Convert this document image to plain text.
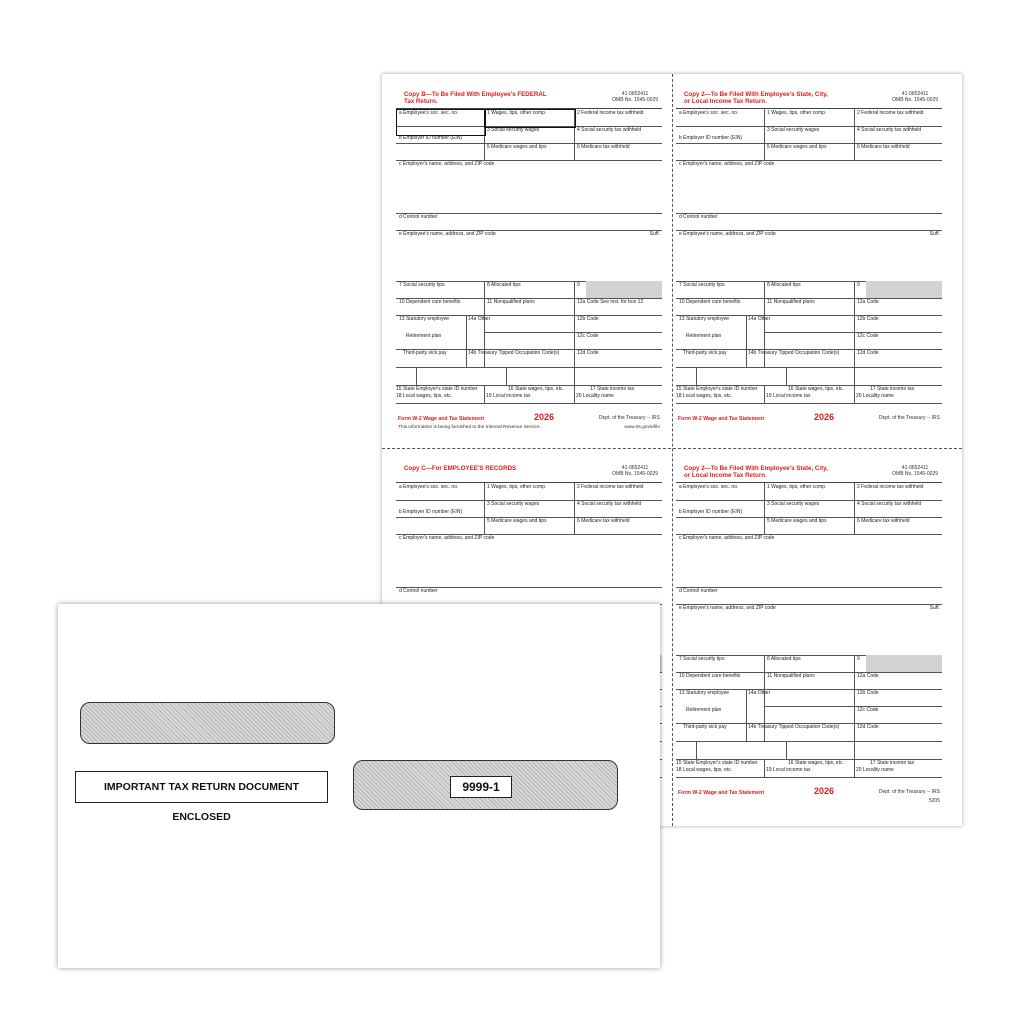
Copy B—To Be Filed With Employee's FEDERAL Tax Return.
41-0852411
OMB No. 1545-0029
a Employee's soc. sec. no.	1 Wages, tips, other comp.	2 Federal income tax withheld
3 Social security wages	4 Social security tax withheld
b Employer ID number (EIN)
5 Medicare wages and tips	6 Medicare tax withheld
c Employer's name, address, and ZIP code
d Control number
e Employee's name, address, and ZIP code	Suff.
7 Social security tips	8 Allocated tips	9
10 Dependent care benefits	11 Nonqualified plans	12a Code See inst. for box 12
13 Statutory employee	14a Other	12b Code
Retirement plan	12c Code
Third-party sick pay	14b Treasury Tipped Occupation Code(s)	12d Code
15 State Employer's state ID number	16 State wages, tips, etc.	17 State income tax
18 Local wages, tips, etc.	19 Local income tax	20 Locality name
Form W-2 Wage and Tax Statement	2026	Dept. of the Treasury -- IRS
This information is being furnished to the Internal Revenue Service.	www.irs.gov/efile
Copy 2—To Be Filed With Employee's State, City, or Local Income Tax Return.
41-0852411
OMB No. 1545-0029
a Employee's soc. sec. no.	1 Wages, tips, other comp.	2 Federal income tax withheld
3 Social security wages	4 Social security tax withheld
b Employer ID number (EIN)
5 Medicare wages and tips	6 Medicare tax withheld
c Employer's name, address, and ZIP code
d Control number
e Employee's name, address, and ZIP code	Suff.
7 Social security tips	8 Allocated tips	9
10 Dependent care benefits	11 Nonqualified plans	12a Code
13 Statutory employee	14a Other	12b Code
Retirement plan	12c Code
Third-party sick pay	14b Treasury Tipped Occupation Code(s)	12d Code
15 State Employer's state ID number	16 State wages, tips, etc.	17 State income tax
18 Local wages, tips, etc.	19 Local income tax	20 Locality name
Form W-2 Wage and Tax Statement	2026	Dept. of the Treasury -- IRS
Copy C—For EMPLOYEE'S RECORDS	41-0852411
OMB No. 1545-0029
a Employee's soc. sec. no.	1 Wages, tips, other comp.	2 Federal income tax withheld
3 Social security wages	4 Social security tax withheld
b Employer ID number (EIN)
5 Medicare wages and tips	6 Medicare tax withheld
c Employer's name, address, and ZIP code
d Control number
Copy 2—To Be Filed With Employee's State, City, or Local Income Tax Return.
41-0852411
OMB No. 1545-0029
a Employee's soc. sec. no.	1 Wages, tips, other comp.	2 Federal income tax withheld
3 Social security wages	4 Social security tax withheld
b Employer ID number (EIN)
5 Medicare wages and tips	6 Medicare tax withheld
c Employer's name, address, and ZIP code
d Control number
e Employee's name, address, and ZIP code	Suff.
7 Social security tips	8 Allocated tips	9
10 Dependent care benefits	11 Nonqualified plans	12a Code
13 Statutory employee	14a Other	12b Code
Retirement plan	12c Code
Third-party sick pay	14b Treasury Tipped Occupation Code(s)	12d Code
15 State Employer's state ID number	16 State wages, tips, etc.	17 State income tax
18 Local wages, tips, etc.	19 Local income tax	20 Locality name
Form W-2 Wage and Tax Statement	2026	Dept. of the Treasury -- IRS
5205
IMPORTANT TAX RETURN DOCUMENT ENCLOSED
9999-1
